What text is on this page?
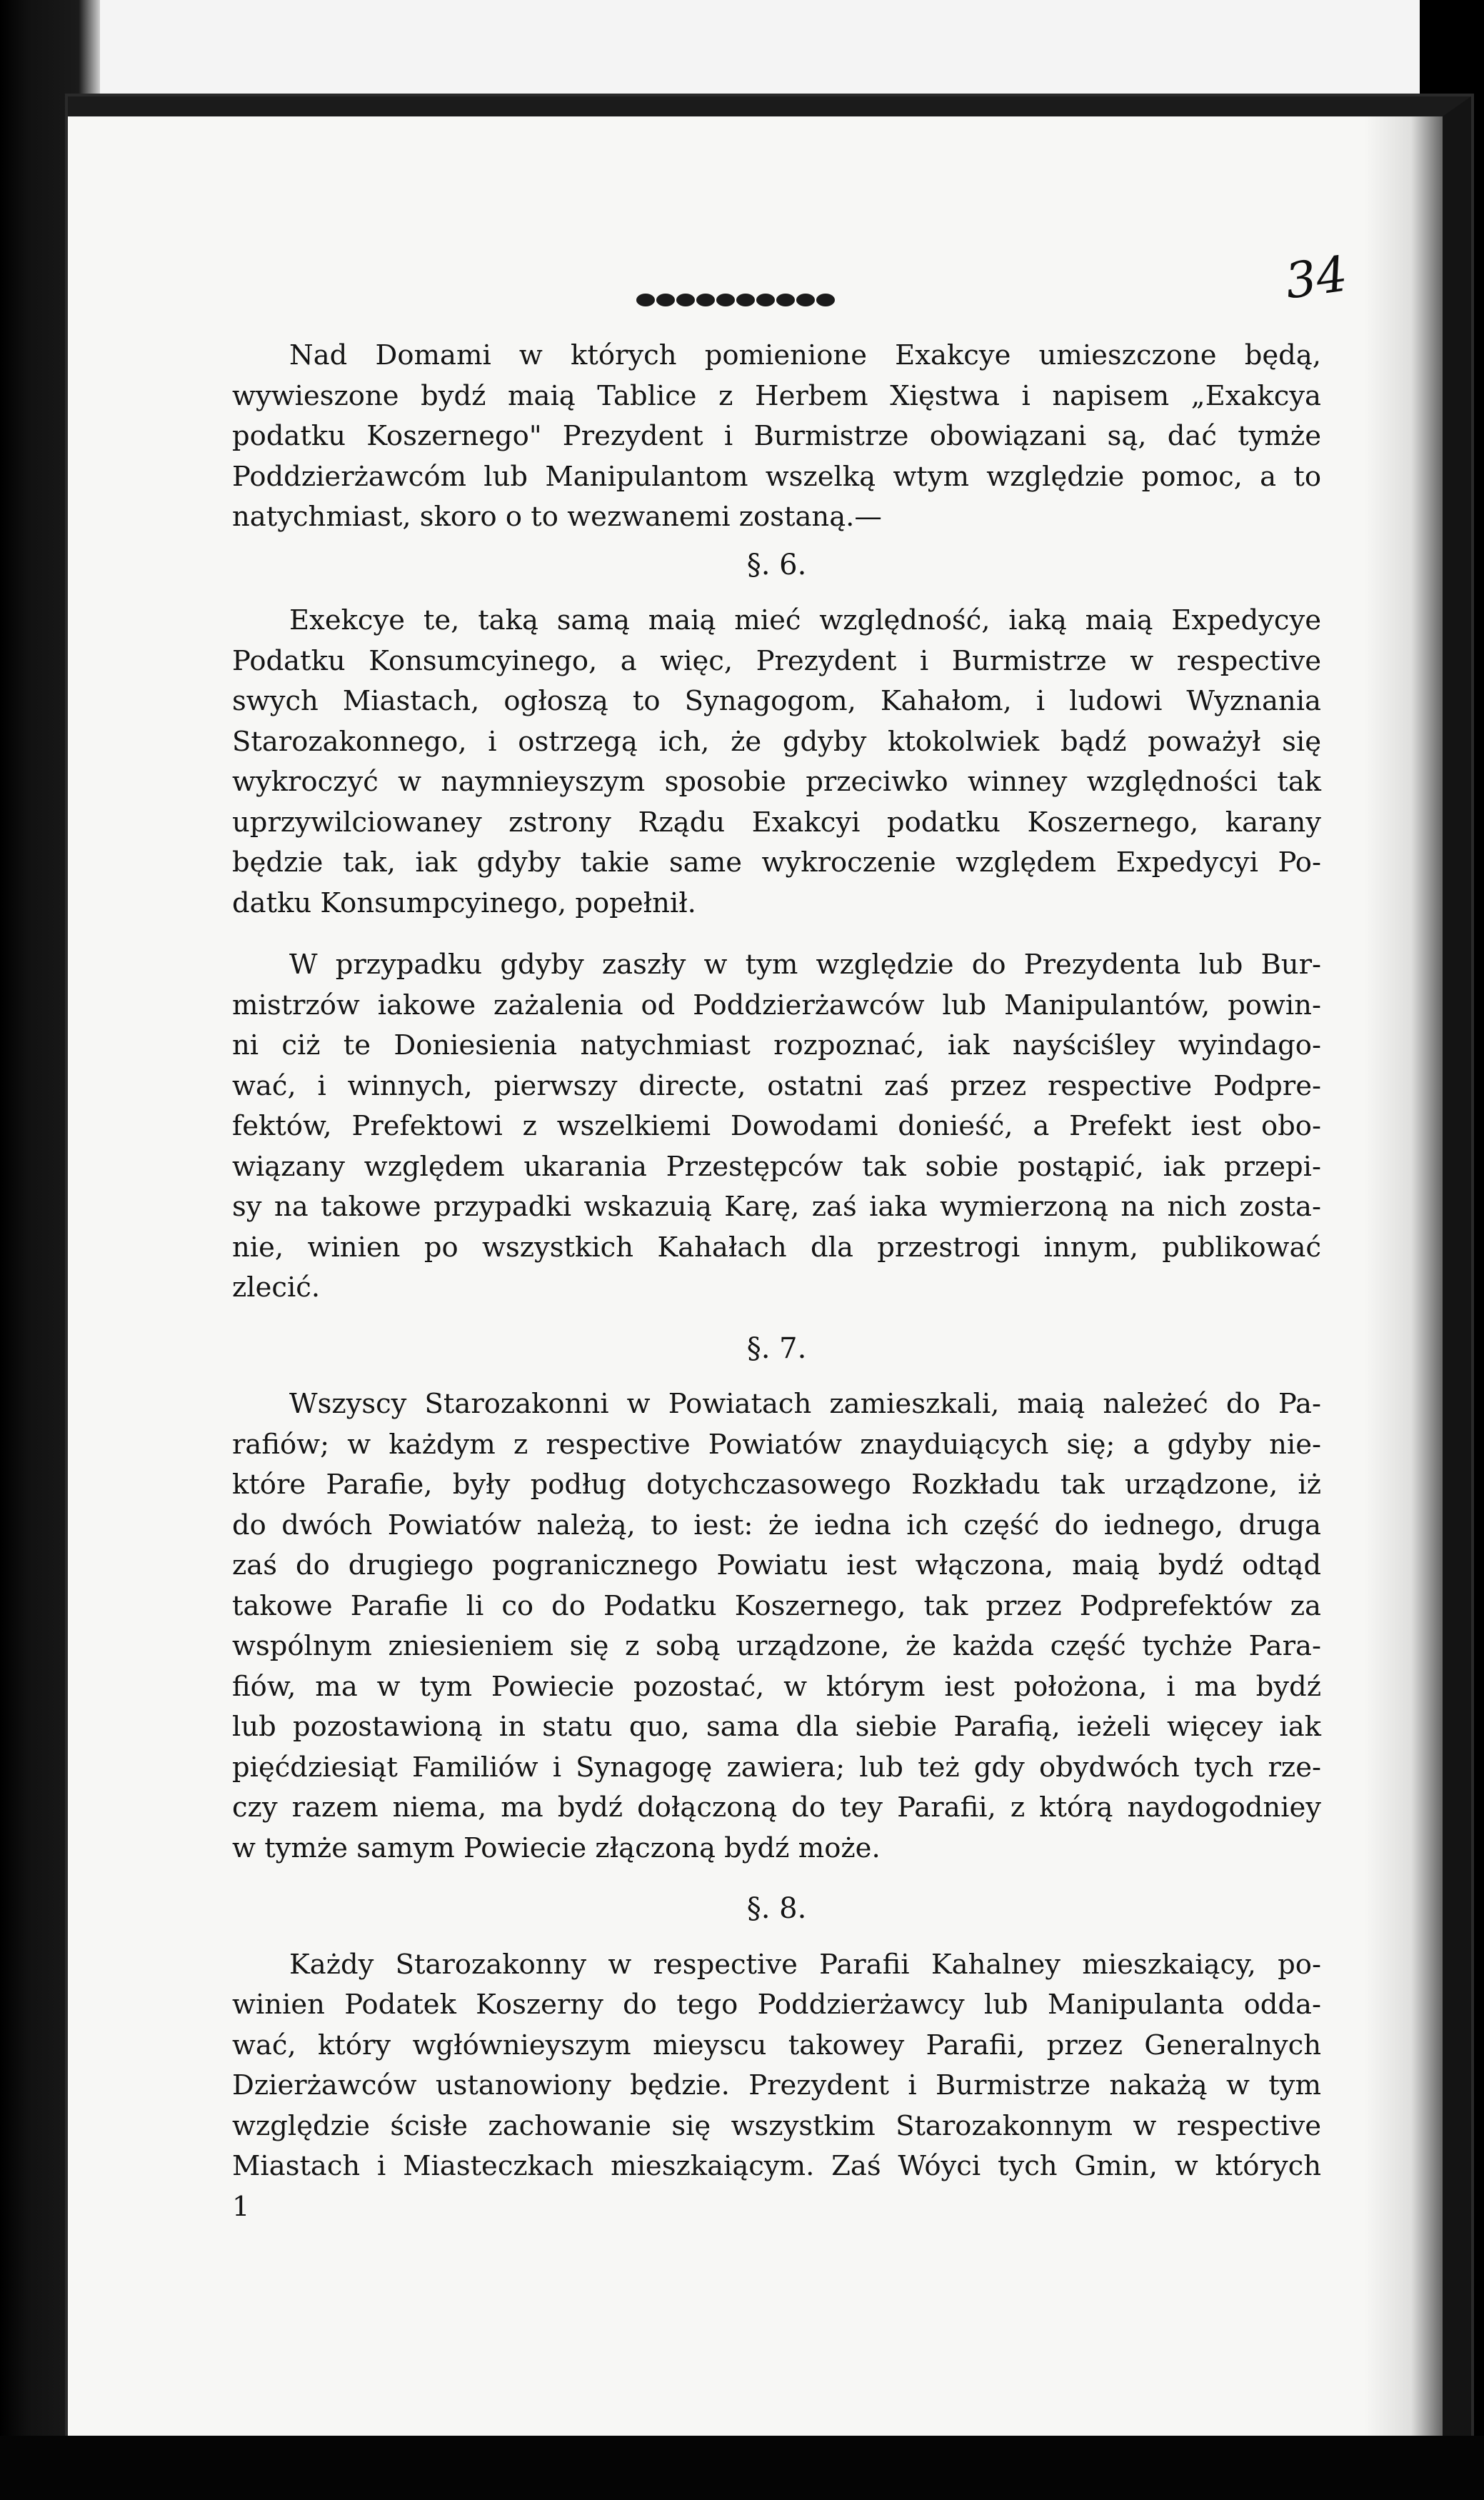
34
Nad Domami w których pomienione Exakcye umieszczone będą,
wywieszone bydź maią Tablice z Herbem Xięstwa i napisem „Exakcya
podatku Koszernego" Prezydent i Burmistrze obowiązani są, dać tymże
Poddzierżawcóm lub Manipulantom wszelką wtym względzie pomoc, a to
natychmiast, skoro o to wezwanemi zostaną.—
§. 6.
Exekcye te, taką samą maią mieć względność, iaką maią Expedycye
Podatku Konsumcyinego, a więc, Prezydent i Burmistrze w respective
swych Miastach, ogłoszą to Synagogom, Kahałom, i ludowi Wyznania
Starozakonnego, i ostrzegą ich, że gdyby ktokolwiek bądź poważył się
wykroczyć w naymnieyszym sposobie przeciwko winney względności tak
uprzywilciowaney zstrony Rządu Exakcyi podatku Koszernego, karany
będzie tak, iak gdyby takie same wykroczenie względem Expedycyi Po-
datku Konsumpcyinego, popełnił.
W przypadku gdyby zaszły w tym względzie do Prezydenta lub Bur-
mistrzów iakowe zażalenia od Poddzierżawców lub Manipulantów, powin-
ni ciż te Doniesienia natychmiast rozpoznać, iak nayściśley wyindago-
wać, i winnych, pierwszy directe, ostatni zaś przez respective Podpre-
fektów, Prefektowi z wszelkiemi Dowodami donieść, a Prefekt iest obo-
wiązany względem ukarania Przestępców tak sobie postąpić, iak przepi-
sy na takowe przypadki wskazuią Karę, zaś iaka wymierzoną na nich zosta-
nie, winien po wszystkich Kahałach dla przestrogi innym, publikować
zlecić.
§. 7.
Wszyscy Starozakonni w Powiatach zamieszkali, maią należeć do Pa-
rafiów; w każdym z respective Powiatów znayduiących się; a gdyby nie-
które Parafie, były podług dotychczasowego Rozkładu tak urządzone, iż
do dwóch Powiatów należą, to iest: że iedna ich część do iednego, druga
zaś do drugiego pogranicznego Powiatu iest włączona, maią bydź odtąd
takowe Parafie li co do Podatku Koszernego, tak przez Podprefektów za
wspólnym zniesieniem się z sobą urządzone, że każda część tychże Para-
fiów, ma w tym Powiecie pozostać, w którym iest położona, i ma bydź
lub pozostawioną in statu quo, sama dla siebie Parafią, ieżeli więcey iak
pięćdziesiąt Familiów i Synagogę zawiera; lub też gdy obydwóch tych rze-
czy razem niema, ma bydź dołączoną do tey Parafii, z którą naydogodniey
w tymże samym Powiecie złączoną bydź może.
§. 8.
Każdy Starozakonny w respective Parafii Kahalney mieszkaiący, po-
winien Podatek Koszerny do tego Poddzierżawcy lub Manipulanta odda-
wać, który wgłównieyszym mieyscu takowey Parafii, przez Generalnych
Dzierżawców ustanowiony będzie. Prezydent i Burmistrze nakażą w tym
względzie ścisłe zachowanie się wszystkim Starozakonnym w respective
Miastach i Miasteczkach mieszkaiącym. Zaś Wóyci tych Gmin, w których
1
